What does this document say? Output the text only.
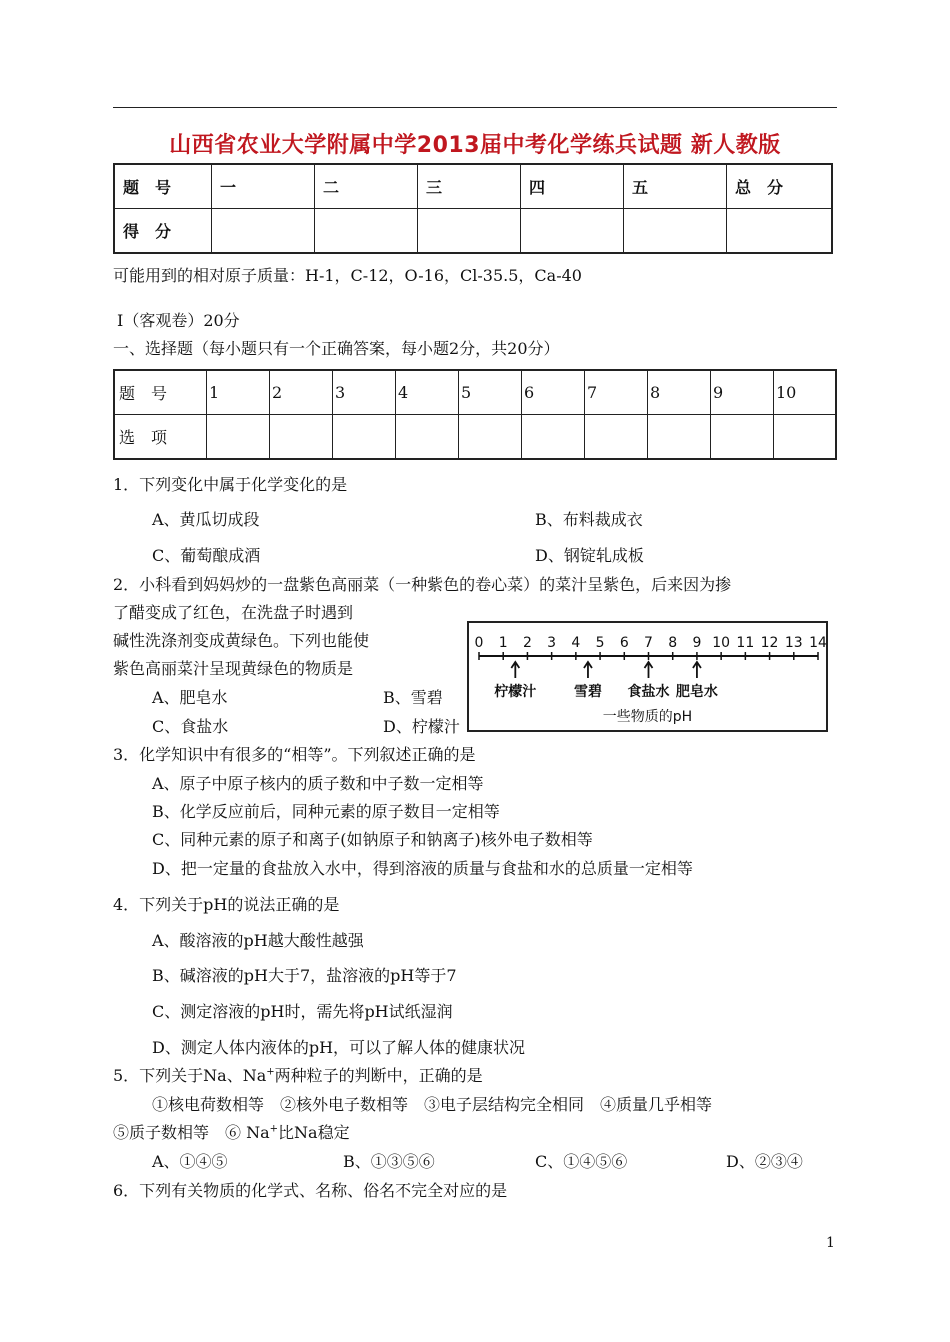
山西省农业大学附属中学2013届中考化学练兵试题 新人教版
题　号	一	二	三	四	五	总　分
得　分						
可能用到的相对原子质量：H-1，C-12，O-16，Cl-35.5，Ca-40
Ⅰ（客观卷）20分
一、选择题（每小题只有一个正确答案，每小题2分，共20分）
题　号	1	2	3	4	5	6	7	8	9	10
选　项										
1．下列变化中属于化学变化的是
A、黄瓜切成段	B、布料裁成衣
C、葡萄酿成酒	D、钢锭轧成板
2．小科看到妈妈炒的一盘紫色高丽菜（一种紫色的卷心菜）的菜汁呈紫色，后来因为掺
了醋变成了红色，在洗盘子时遇到
碱性洗涤剂变成黄绿色。下列也能使
紫色高丽菜汁呈现黄绿色的物质是
A、肥皂水	B、雪碧
C、食盐水	D、柠檬汁
0	1	2	3	4	5	6	7	8	9 10 11 12 13 14
柠檬汁	雪碧	食盐水 肥皂水
一些物质的pH
3．化学知识中有很多的“相等”。下列叙述正确的是
A、原子中原子核内的质子数和中子数一定相等
B、化学反应前后，同种元素的原子数目一定相等
C、同种元素的原子和离子(如钠原子和钠离子)核外电子数相等
D、把一定量的食盐放入水中，得到溶液的质量与食盐和水的总质量一定相等
4．下列关于pH的说法正确的是
A、酸溶液的pH越大酸性越强
B、碱溶液的pH大于7，盐溶液的pH等于7
C、测定溶液的pH时，需先将pH试纸湿润
D、测定人体内液体的pH，可以了解人体的健康状况
5．下列关于Na、Na+两种粒子的判断中，正确的是
①核电荷数相等　②核外电子数相等　③电子层结构完全相同　④质量几乎相等
⑤质子数相等　⑥ Na+比Na稳定
A、①④⑤	B、①③⑤⑥	C、①④⑤⑥	D、②③④
6．下列有关物质的化学式、名称、俗名不完全对应的是
1
